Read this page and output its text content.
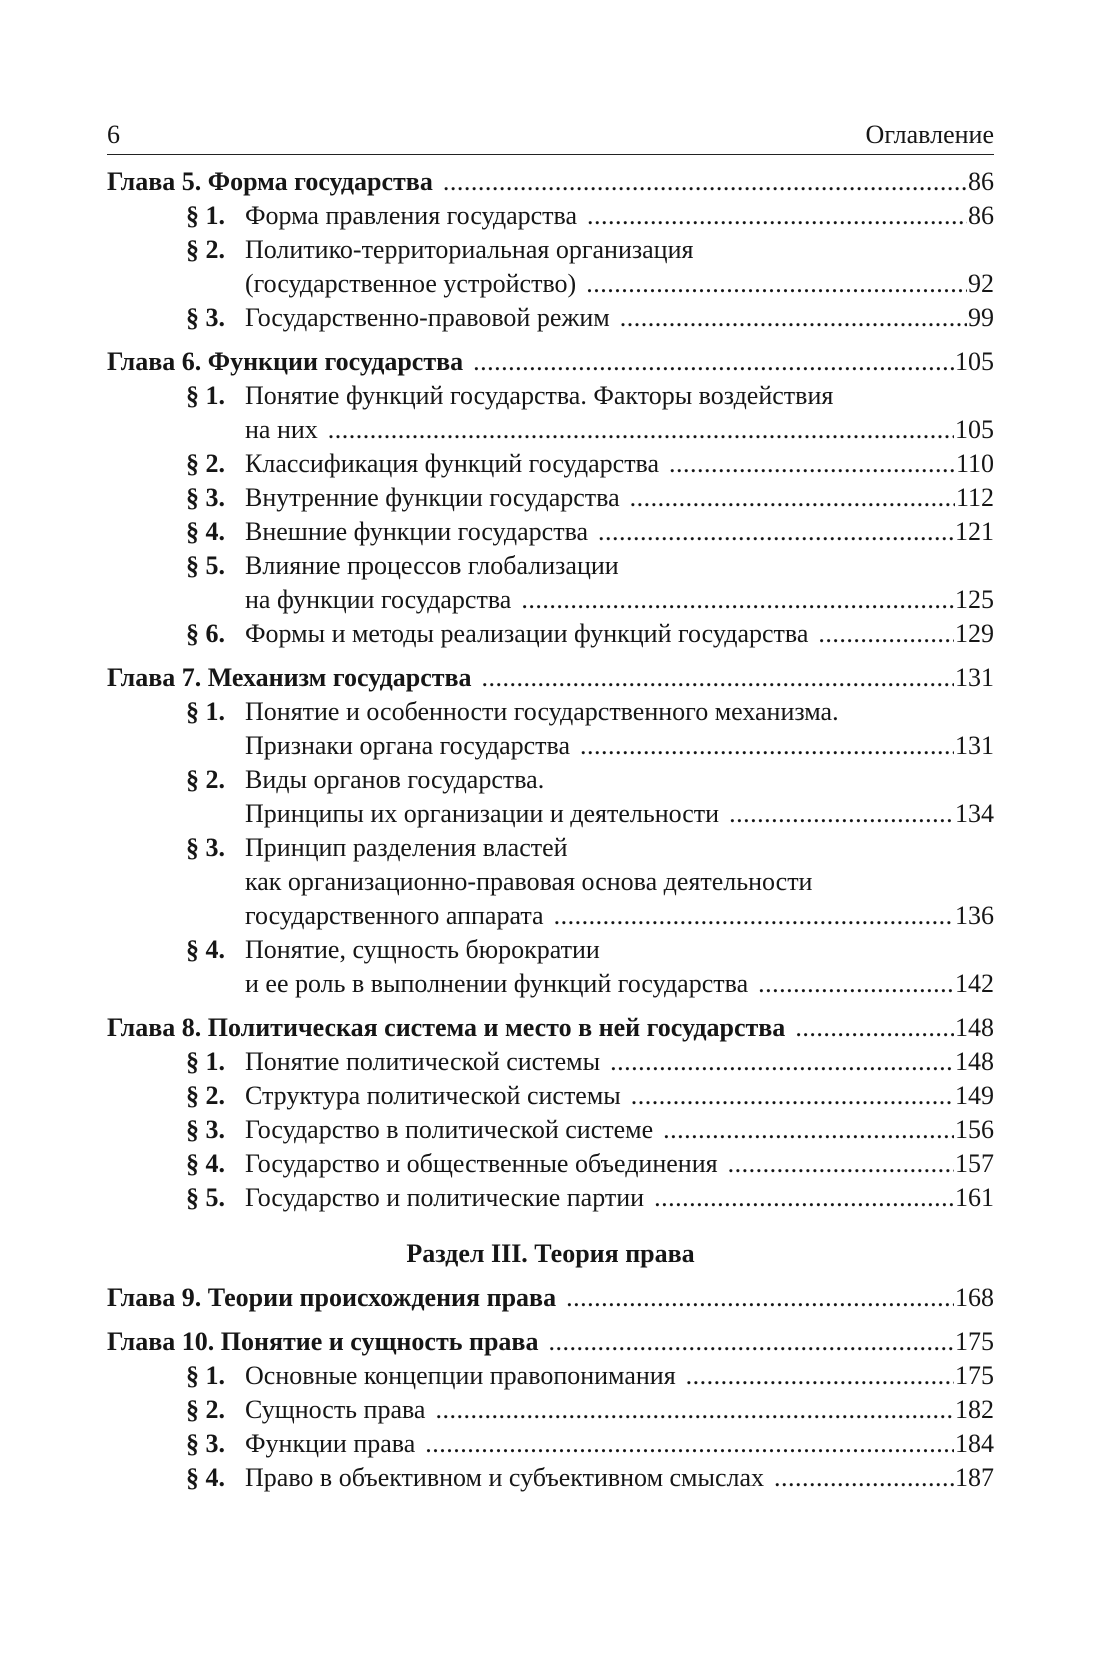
6	Оглавление
Глава 5. Форма государства .....	86
§ 1. Форма правления государства .....	86
§ 2. Политико-территориальная организация
(государственное устройство) .....	92
§ 3. Государственно-правовой режим .....	99
Глава 6. Функции государства .....	105
§ 1. Понятие функций государства. Факторы воздействия
на них .....	105
§ 2. Классификация функций государства .....	110
§ 3. Внутренние функции государства .....	112
§ 4. Внешние функции государства .....	121
§ 5. Влияние процессов глобализации
на функции государства .....	125
§ 6. Формы и методы реализации функций государства .....	129
Глава 7. Механизм государства .....	131
§ 1. Понятие и особенности государственного механизма.
Признаки органа государства .....	131
§ 2. Виды органов государства.
Принципы их организации и деятельности .....	134
§ 3. Принцип разделения властей
как организационно-правовая основа деятельности
государственного аппарата .....	136
§ 4. Понятие, сущность бюрократии
и ее роль в выполнении функций государства .....	142
Глава 8. Политическая система и место в ней государства .....	148
§ 1. Понятие политической системы .....	148
§ 2. Структура политической системы .....	149
§ 3. Государство в политической системе .....	156
§ 4. Государство и общественные объединения .....	157
§ 5. Государство и политические партии .....	161
Раздел III. Теория права
Глава 9. Теории происхождения права .....	168
Глава 10. Понятие и сущность права .....	175
§ 1. Основные концепции правопонимания .....	175
§ 2. Сущность права .....	182
§ 3. Функции права .....	184
§ 4. Право в объективном и субъективном смыслах .....	187
